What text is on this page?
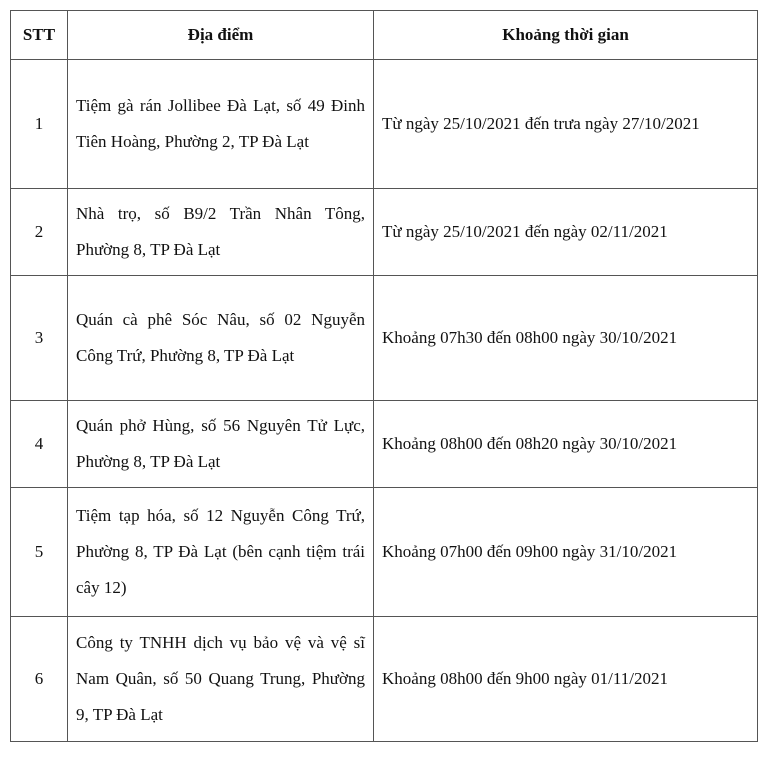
STT	Địa điểm	Khoảng thời gian
1	Tiệm gà rán Jollibee Đà Lạt, số 49 Đinh Tiên Hoàng, Phường 2, TP Đà Lạt	Từ ngày 25/10/2021 đến trưa ngày 27/10/2021
2	Nhà trọ, số B9/2 Trần Nhân Tông, Phường 8, TP Đà Lạt	Từ ngày 25/10/2021 đến ngày 02/11/2021
3	Quán cà phê Sóc Nâu, số 02 Nguyễn Công Trứ, Phường 8, TP Đà Lạt	Khoảng 07h30 đến 08h00 ngày 30/10/2021
4	Quán phở Hùng, số 56 Nguyên Tử Lực, Phường 8, TP Đà Lạt	Khoảng 08h00 đến 08h20 ngày 30/10/2021
5	Tiệm tạp hóa, số 12 Nguyễn Công Trứ, Phường 8, TP Đà Lạt (bên cạnh tiệm trái cây 12)	Khoảng 07h00 đến 09h00 ngày 31/10/2021
6	Công ty TNHH dịch vụ bảo vệ và vệ sĩ Nam Quân, số 50 Quang Trung, Phường 9, TP Đà Lạt	Khoảng 08h00 đến 9h00 ngày 01/11/2021
